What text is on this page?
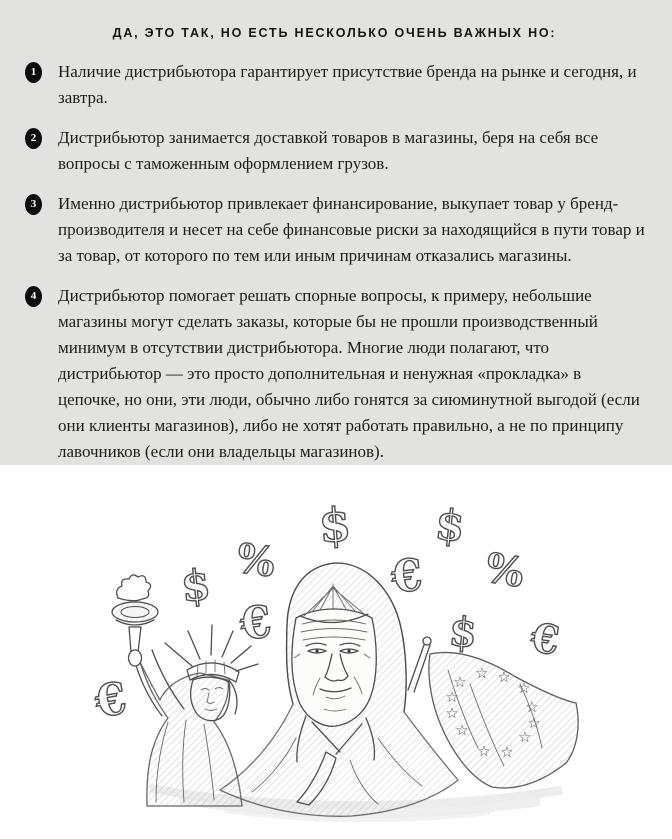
ДА, ЭТО ТАК, НО ЕСТЬ НЕСКОЛЬКО ОЧЕНЬ ВАЖНЫХ НО:
1	Наличие дистрибьютора гарантирует присутствие бренда на рынке и сегодня, и завтра.

2	Дистрибьютор занимается доставкой товаров в магазины, беря на себя все вопросы с таможенным оформлением грузов.

3	Именно дистрибьютор привлекает финансирование, выкупает товар у бренд-производителя и несет на себе финансовые риски за находящийся в пути товар и за товар, от которого по тем или иным причинам отказались магазины.

4	Дистрибьютор помогает решать спорные вопросы, к примеру, небольшие магазины могут сделать заказы, которые бы не прошли производственный минимум в отсутствии дистрибьютора. Многие люди полагают, что дистрибьютор — это просто дополнительная и ненужная «прокладка» в цепочке, но они, эти люди, обычно либо гонятся за сиюминутной выгодой (если они клиенты магазинов), либо не хотят работать правильно, а не по принципу лавочников (если они владельцы магазинов).

☆ ☆ ☆
☆
☆
☆	☆
☆
☆
☆ ☆
☆
$ %
$ $
€ %
€	$
€
€
